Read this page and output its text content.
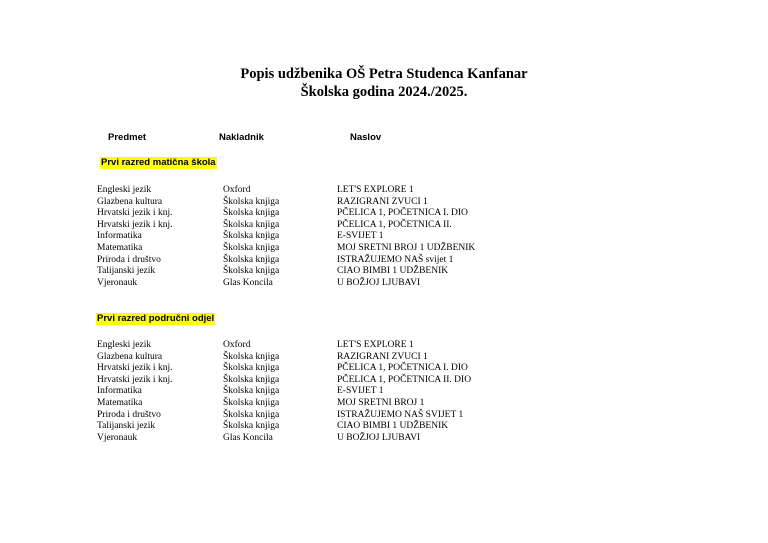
Popis udžbenika OŠ Petra Studenca Kanfanar
Školska godina 2024./2025.
Predmet	Nakladnik	Naslov
Prvi razred matična škola
Engleski jezik	Oxford	LET'S EXPLORE 1
Glazbena kultura	Školska knjiga	RAZIGRANI ZVUCI 1
Hrvatski jezik i knj.	Školska knjiga	PČELICA 1, POČETNICA I. DIO
Hrvatski jezik i knj.	Školska knjiga	PČELICA 1, POČETNICA II.
Informatika	Školska knjiga	E-SVIJET 1
Matematika	Školska knjiga	MOJ SRETNI BROJ 1 UDŽBENIK
Priroda i društvo	Školska knjiga	ISTRAŽUJEMO NAŠ svijet 1
Talijanski jezik	Školska knjiga	CIAO BIMBI 1 UDŽBENIK
Vjeronauk	Glas Koncila	U BOŽJOJ LJUBAVI
Prvi razred područni odjel
Engleski jezik	Oxford	LET'S EXPLORE 1
Glazbena kultura	Školska knjiga	RAZIGRANI ZVUCI 1
Hrvatski jezik i knj.	Školska knjiga	PČELICA 1, POČETNICA I. DIO
Hrvatski jezik i knj.	Školska knjiga	PČELICA 1, POČETNICA II. DIO
Informatika	Školska knjiga	E-SVIJET 1
Matematika	Školska knjiga	MOJ SRETNI BROJ 1
Priroda i društvo	Školska knjiga	ISTRAŽUJEMO NAŠ SVIJET 1
Talijanski jezik	Školska knjiga	CIAO BIMBI 1 UDŽBENIK
Vjeronauk	Glas Koncila	U BOŽJOJ LJUBAVI
